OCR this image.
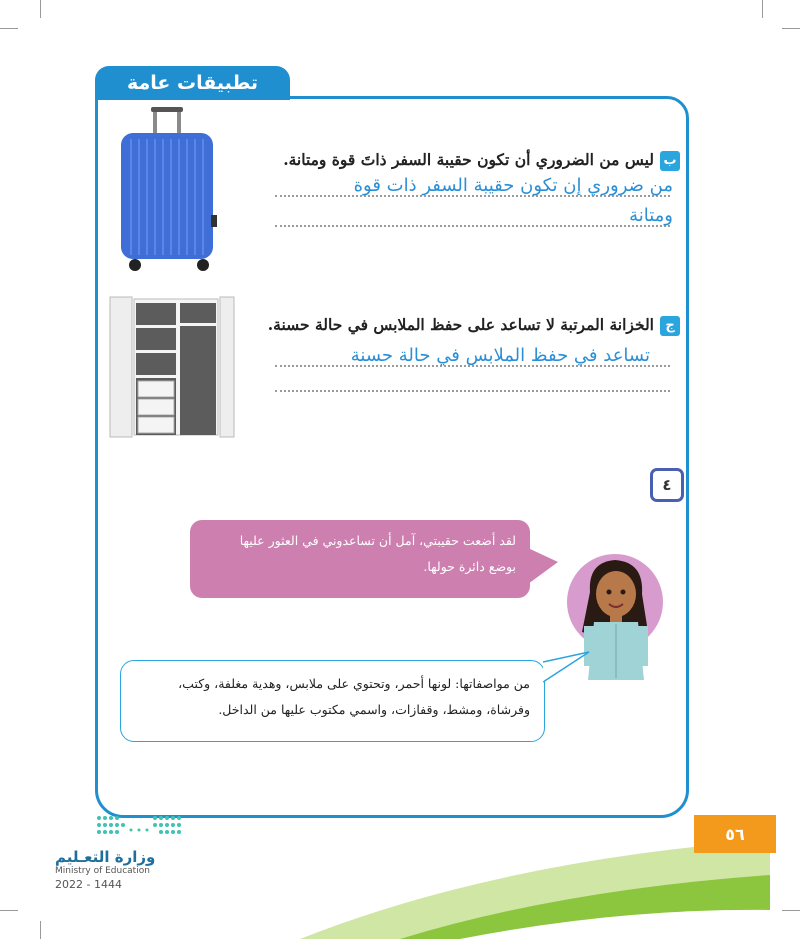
تطبيقات عامة
بليس من الضروري أن تكون حقيبة السفر ذاتَ قوة ومتانة.
من ضروري إن تكون حقيبة السفر ذات قوة
ومتانة
جالخزانة المرتبة لا تساعد على حفظ الملابس في حالة حسنة.
تساعد في حفظ الملابس في حالة حسنة
٤
لقد أضعت حقيبتي، آمل أن تساعدوني في العثور عليها
بوضع دائرة حولها.
من مواصفاتها: لونها أحمر، وتحتوي على ملابس، وهدية مغلفة، وكتب،
وفرشاة، ومشط، وقفازات، واسمي مكتوب عليها من الداخل.
٥٦
وزارة التعـليم
Ministry of Education
2022 - 1444
